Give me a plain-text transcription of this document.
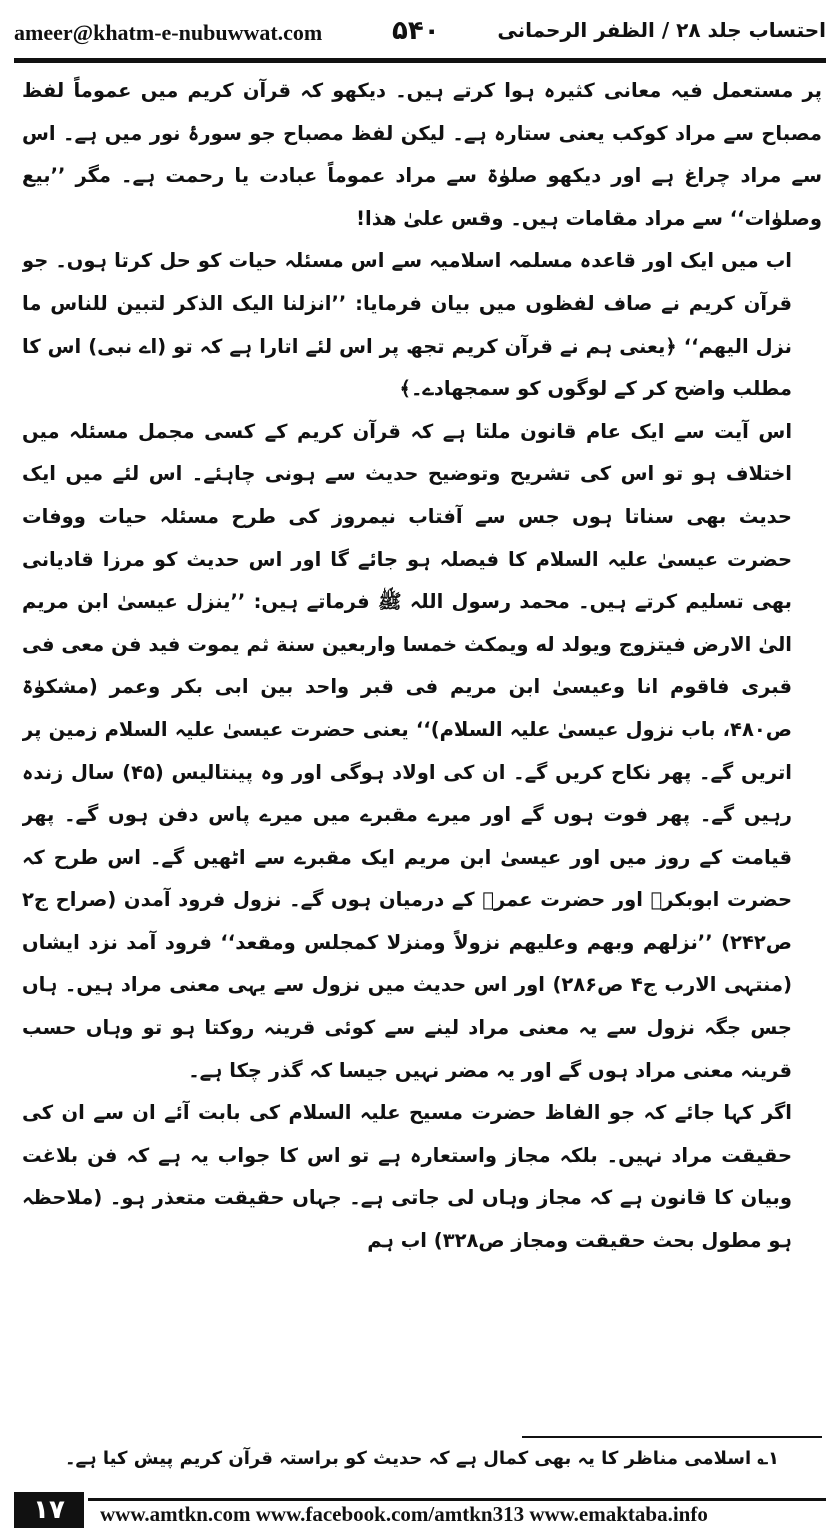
ameer@khatm-e-nubuwwat.com	۵۴۰	احتساب جلد ۲۸ / الظفر الرحمانی

پر مستعمل فیہ معانی کثیرہ ہوا کرتے ہیں۔ دیکھو کہ قرآن کریم میں عموماً لفظ مصباح سے مراد کوکب یعنی ستارہ ہے۔ لیکن لفظ مصباح جو سورۂ نور میں ہے۔ اس سے مراد چراغ ہے اور دیکھو صلوٰۃ سے مراد عموماً عبادت یا رحمت ہے۔ مگر ’’بیع وصلوٰات‘‘ سے مراد مقامات ہیں۔ وقس علیٰ ھذا!

اب میں ایک اور قاعدہ مسلمہ اسلامیہ سے اس مسئلہ حیات کو حل کرتا ہوں۔ جو قرآن کریم نے صاف لفظوں میں بیان فرمایا: ’’انزلنا الیک الذکر لتبین للناس ما نزل الیھم‘‘ ﴿یعنی ہم نے قرآن کریم تجھ پر اس لئے اتارا ہے کہ تو (اے نبی) اس کا مطلب واضح کر کے لوگوں کو سمجھادے۔﴾

اس آیت سے ایک عام قانون ملتا ہے کہ قرآن کریم کے کسی مجمل مسئلہ میں اختلاف ہو تو اس کی تشریح وتوضیح حدیث سے ہونی چاہئے۔ اس لئے میں ایک حدیث بھی سناتا ہوں جس سے آفتاب نیمروز کی طرح مسئلہ حیات ووفات حضرت عیسیٰ علیہ السلام کا فیصلہ ہو جائے گا اور اس حدیث کو مرزا قادیانی بھی تسلیم کرتے ہیں۔ محمد رسول اللہ ﷺ فرماتے ہیں: ’’ینزل عیسیٰ ابن مریم الیٰ الارض فیتزوج ویولد له ویمکث خمسا واربعین سنة ثم یموت فید فن معی فی قبری فاقوم انا وعیسیٰ ابن مریم فی قبر واحد بین ابی بکر وعمر (مشکوٰۃ ص۴۸۰، باب نزول عیسیٰ علیہ السلام)‘‘ یعنی حضرت عیسیٰ علیہ السلام زمین پر اتریں گے۔ پھر نکاح کریں گے۔ ان کی اولاد ہوگی اور وہ پینتالیس (۴۵) سال زندہ رہیں گے۔ پھر فوت ہوں گے اور میرے مقبرے میں میرے پاس دفن ہوں گے۔ پھر قیامت کے روز میں اور عیسیٰ ابن مریم ایک مقبرے سے اٹھیں گے۔ اس طرح کہ حضرت ابوبکرؓ اور حضرت عمرؓ کے درمیان ہوں گے۔ نزول فرود آمدن (صراح ج۲ ص۲۴۲) ’’نزلھم وبھم وعلیھم نزولاً ومنزلا کمجلس ومقعد‘‘ فرود آمد نزد ایشاں (منتہی الارب ج۴ ص۲۸۶) اور اس حدیث میں نزول سے یہی معنی مراد ہیں۔ ہاں جس جگہ نزول سے یہ معنی مراد لینے سے کوئی قرینہ روکتا ہو تو وہاں حسب قرینہ معنی مراد ہوں گے اور یہ مضر نہیں جیسا کہ گذر چکا ہے۔

اگر کہا جائے کہ جو الفاظ حضرت مسیح علیہ السلام کی بابت آئے ان سے ان کی حقیقت مراد نہیں۔ بلکہ مجاز واستعارہ ہے تو اس کا جواب یہ ہے کہ فن بلاغت وبیان کا قانون ہے کہ مجاز وہاں لی جاتی ہے۔ جہاں حقیقت متعذر ہو۔ (ملاحظہ ہو مطول بحث حقیقت ومجاز ص۳۲۸) اب ہم

۱؎ اسلامی مناظر کا یہ بھی کمال ہے کہ حدیث کو براستہ قرآن کریم پیش کیا ہے۔
۱۷	www.amtkn.com www.facebook.com/amtkn313 www.emaktaba.info
